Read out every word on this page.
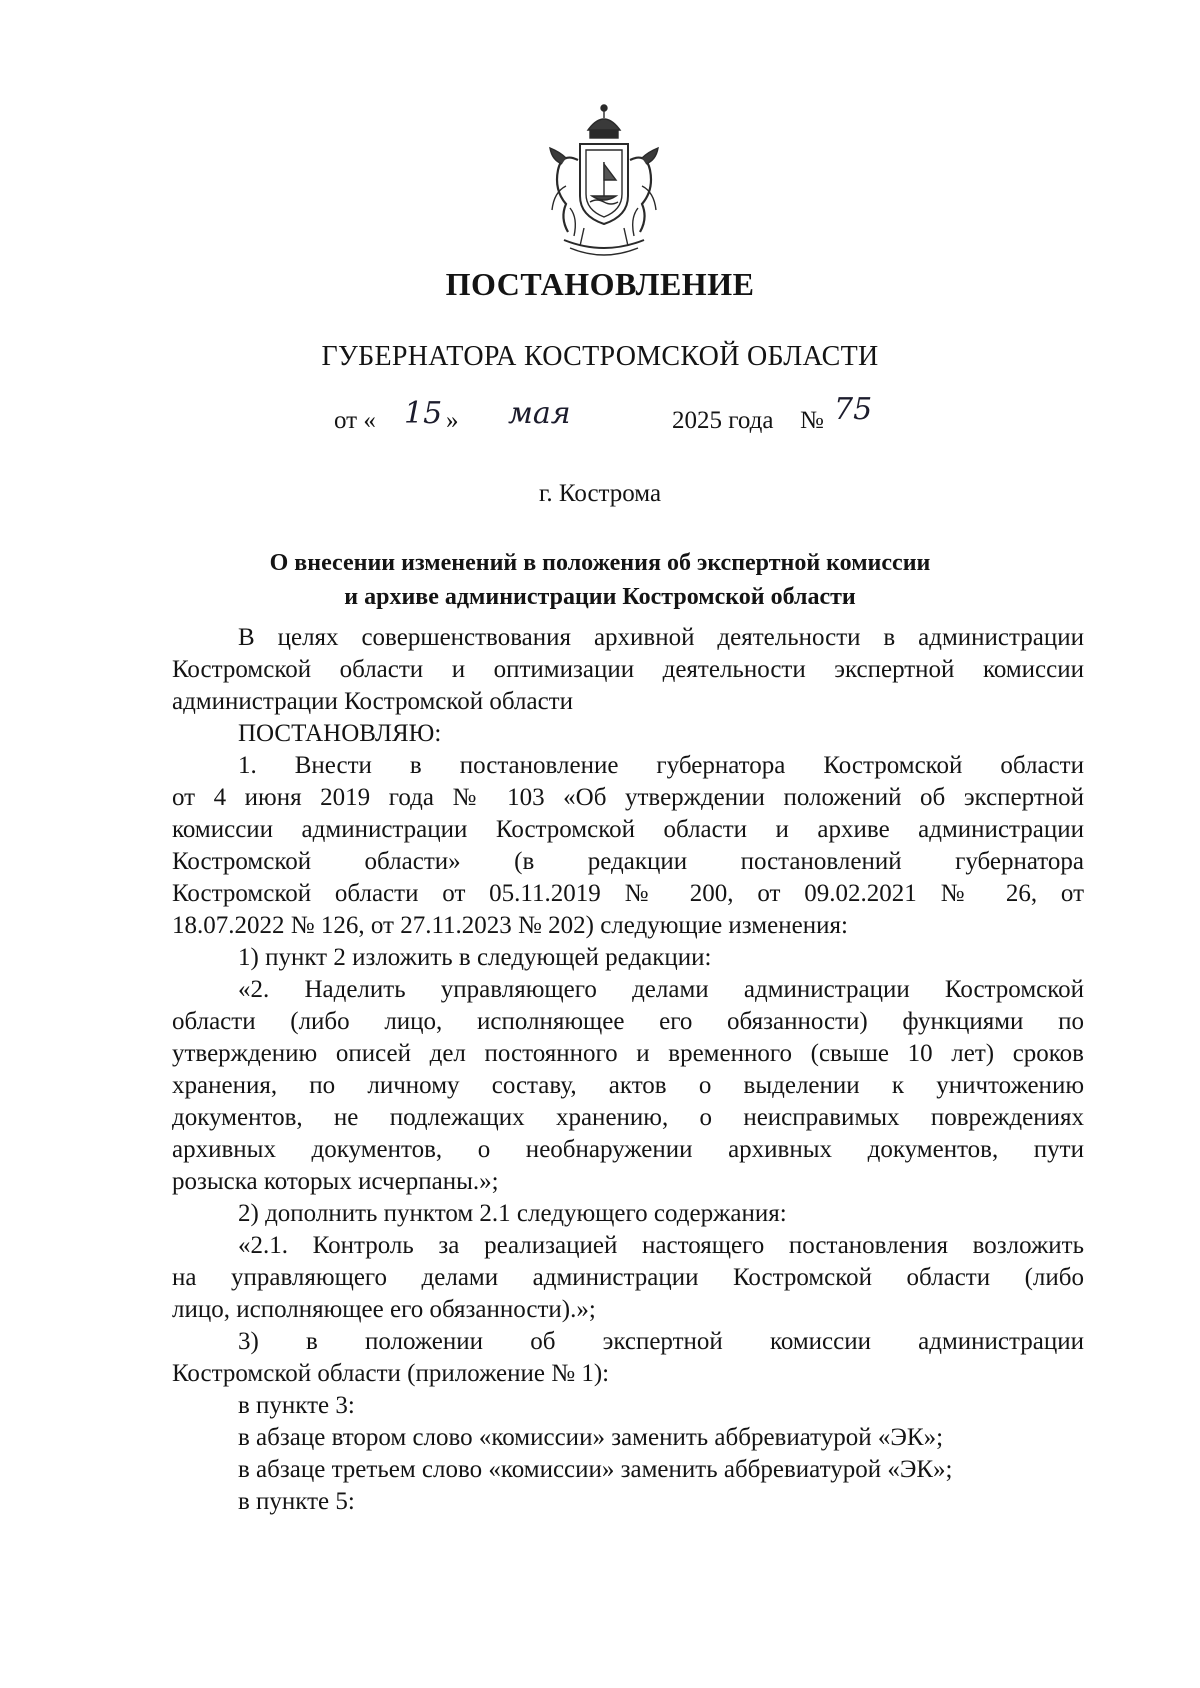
ПОСТАНОВЛЕНИЕ
ГУБЕРНАТОРА КОСТРОМСКОЙ ОБЛАСТИ
от « 15 » мая	2025 года № 75
г. Кострома
О внесении изменений в положения об экспертной комиссии
и архиве администрации Костромской области
В целях совершенствования архивной деятельности в администрации
Костромской области и оптимизации деятельности экспертной комиссии
администрации Костромской области
ПОСТАНОВЛЯЮ:
1. Внести в постановление губернатора Костромской области
от 4 июня 2019 года № 103 «Об утверждении положений об экспертной
комиссии администрации Костромской области и архиве администрации
Костромской области» (в редакции постановлений губернатора
Костромской области от 05.11.2019 № 200, от 09.02.2021 № 26, от
18.07.2022 № 126, от 27.11.2023 № 202) следующие изменения:
1) пункт 2 изложить в следующей редакции:
«2. Наделить управляющего делами администрации Костромской
области (либо лицо, исполняющее его обязанности) функциями по
утверждению описей дел постоянного и временного (свыше 10 лет) сроков
хранения, по личному составу, актов о выделении к уничтожению
документов, не подлежащих хранению, о неисправимых повреждениях
архивных документов, о необнаружении архивных документов, пути
розыска которых исчерпаны.»;
2) дополнить пунктом 2.1 следующего содержания:
«2.1. Контроль за реализацией настоящего постановления возложить
на управляющего делами администрации Костромской области (либо
лицо, исполняющее его обязанности).»;
3) в положении об экспертной комиссии администрации
Костромской области (приложение № 1):
в пункте 3:
в абзаце втором слово «комиссии» заменить аббревиатурой «ЭК»;
в абзаце третьем слово «комиссии» заменить аббревиатурой «ЭК»;
в пункте 5:
